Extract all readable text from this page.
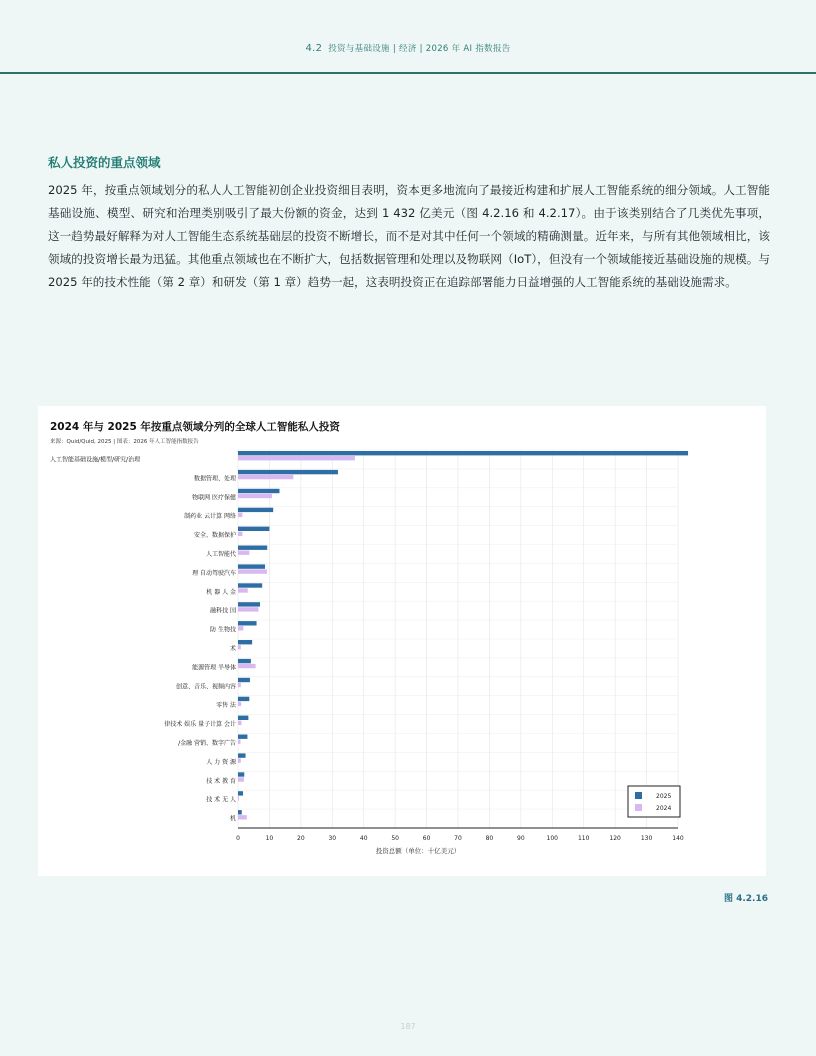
4.2 投资与基础设施 | 经济 | 2026 年 AI 指数报告
私人投资的重点领域

2025 年，按重点领域划分的私人人工智能初创企业投资细目表明，资本更多地流向了最接近构建和扩展人工智能系统的细分领域。人工智能基础设施、模型、研究和治理类别吸引了最大份额的资金，达到 1 432 亿美元（图 4.2.16 和 4.2.17）。由于该类别结合了几类优先事项，这一趋势最好解释为对人工智能生态系统基础层的投资不断增长，而不是对其中任何一个领域的精确测量。近年来，与所有其他领域相比，该领域的投资增长最为迅猛。其他重点领域也在不断扩大，包括数据管理和处理以及物联网（IoT），但没有一个领域能接近基础设施的规模。与 2025 年的技术性能（第 2 章）和研发（第 1 章）趋势一起，这表明投资正在追踪部署能力日益增强的人工智能系统的基础设施需求。

2024 年与 2025 年按重点领域分列的全球人工智能私人投资
来源：Quid/Quid, 2025 | 图表：2026 年人工智能指数报告
人工智能基础设施/模型/研究/治理
数据管理、处理
物联网 医疗保健
制药业 云计算 网络
安全、数据保护
人工智能代
理 自动驾驶汽车
机 器 人 金
融科技 国
防 生物技
术
能源管理 半导体
创意、音乐、视频内容
零售 法
律技术 娱乐 量子计算 会计
/金融 营销、数字广告
人 力 资 源
技 术 教 育
技 术 无 人
机
0	10	20	30	40	50	60	70	80	90	100	110	120	130	140
投资总额（单位：十亿美元）
2025
2024
图 4.2.16
187
